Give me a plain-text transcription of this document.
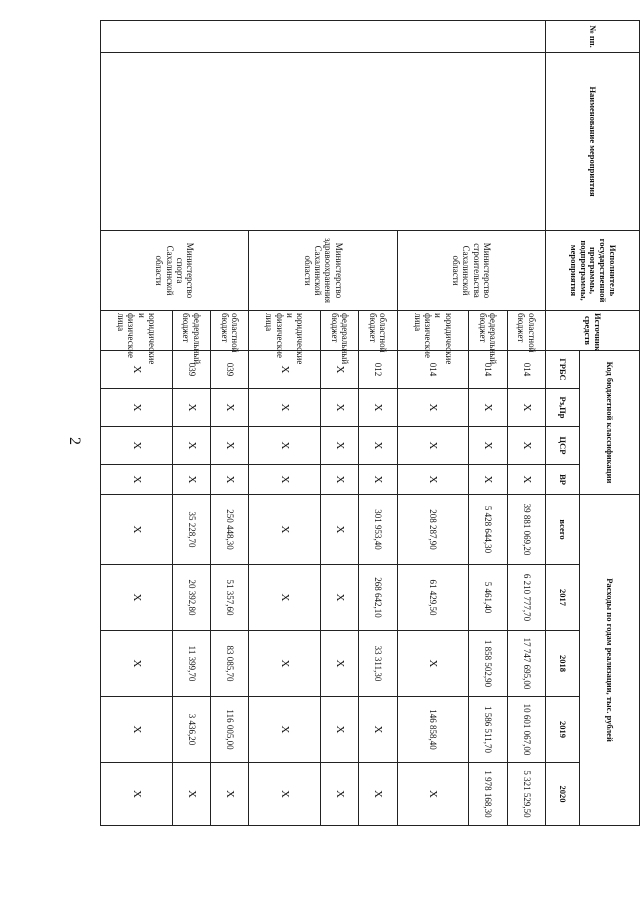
2
№ пп.	Наименование мероприятия	Исполнитель государственной программы, подпрограммы, мероприятия	Источник средств	Код бюджетной классификации				Расходы по годам реализации, тыс. рублей				
				ГРБС	Рз,Пр	ЦСР	ВР	всего	2017	2018	2019	2020
		Министерство строительства Сахалинской области	областной бюджет	014	X	X	X	39 881 069,20	6 210 777,70	17 747 695,00	10 601 067,00	5 321 529,50
			федеральный бюджет	014	X	X	X	5 428 644,30	5 461,40	1 858 502,90	1 586 511,70	1 978 168,30
			юридические и физические лица	014	X	X	X	208 287,90	61 429,50	X	146 858,40	X
		Министерство здравоохранения Сахалинской области	областной бюджет	012	X	X	X	301 953,40	268 642,10	33 311,30	X	X
			федеральный бюджет	X	X	X	X	X	X	X	X	X
			юридические и физические лица	X	X	X	X	X	X	X	X	X
		Министерство спорта Сахалинской области	областной бюджет	039	X	X	X	250 448,30	51 357,60	83 085,70	116 005,00	X
			федеральный бюджет	039	X	X	X	35 228,70	20 392,80	11 399,70	3 436,20	X
			юридические и физические лица	X	X	X	X	X	X	X	X	X
